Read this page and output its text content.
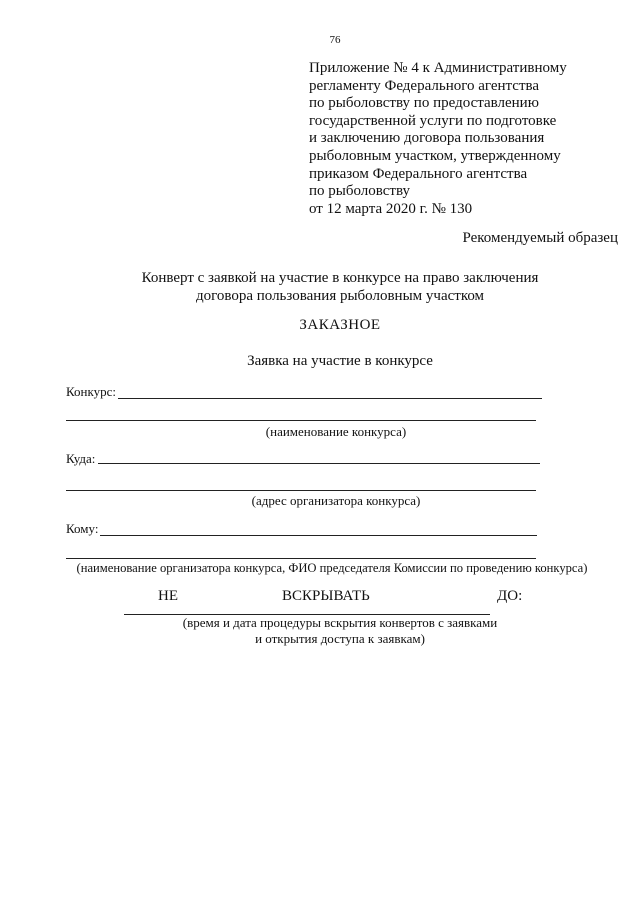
76
Приложение № 4 к Административному
регламенту Федерального агентства
по рыболовству по предоставлению
государственной услуги по подготовке
и заключению договора пользования
рыболовным участком, утвержденному
приказом Федерального агентства
по рыболовству
от 12 марта 2020 г. № 130
Рекомендуемый образец
Конверт с заявкой на участие в конкурсе на право заключения
договора пользования рыболовным участком
ЗАКАЗНОЕ
Заявка на участие в конкурсе
Конкурс:
(наименование конкурса)
Куда:
(адрес организатора конкурса)
Кому:
(наименование организатора конкурса, ФИО председателя Комиссии по проведению конкурса)
НЕ	ВСКРЫВАТЬ	ДО:
(время и дата процедуры вскрытия конвертов с заявками
и открытия доступа к заявкам)
